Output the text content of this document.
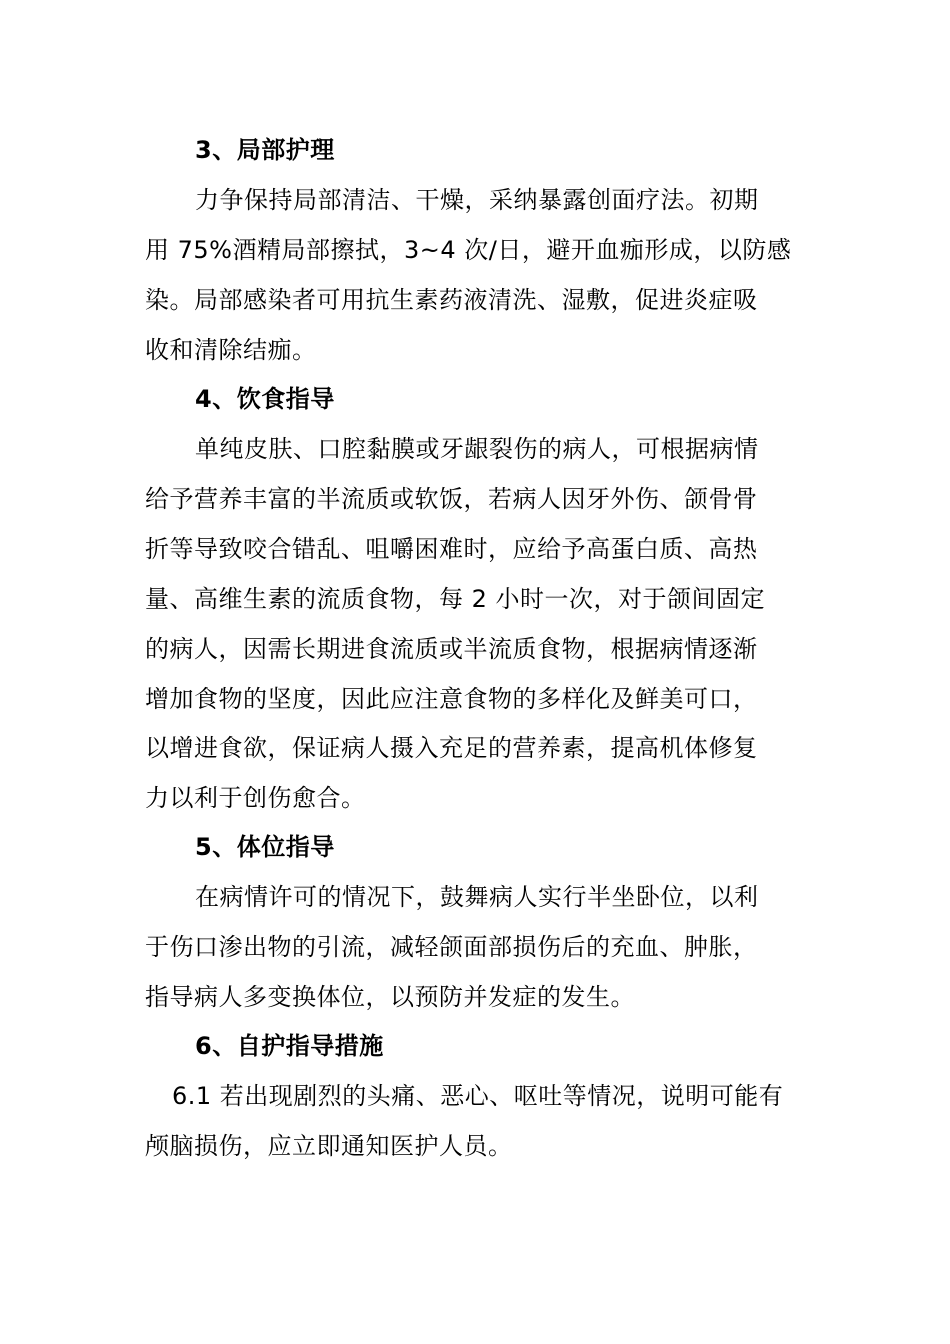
3、局部护理
力争保持局部清洁、干燥，采纳暴露创面疗法。初期
用 75%酒精局部擦拭，3~4 次/日，避开血痂形成，以防感
染。局部感染者可用抗生素药液清洗、湿敷，促进炎症吸
收和清除结痂。
4、饮食指导
单纯皮肤、口腔黏膜或牙龈裂伤的病人，可根据病情
给予营养丰富的半流质或软饭，若病人因牙外伤、颌骨骨
折等导致咬合错乱、咀嚼困难时，应给予高蛋白质、高热
量、高维生素的流质食物，每 2 小时一次，对于颌间固定
的病人，因需长期进食流质或半流质食物，根据病情逐渐
增加食物的坚度，因此应注意食物的多样化及鲜美可口，
以增进食欲，保证病人摄入充足的营养素，提高机体修复
力以利于创伤愈合。
5、体位指导
在病情许可的情况下，鼓舞病人实行半坐卧位，以利
于伤口渗出物的引流，减轻颌面部损伤后的充血、肿胀，
指导病人多变换体位，以预防并发症的发生。
6、自护指导措施
6.1 若出现剧烈的头痛、恶心、呕吐等情况，说明可能有
颅脑损伤，应立即通知医护人员。
